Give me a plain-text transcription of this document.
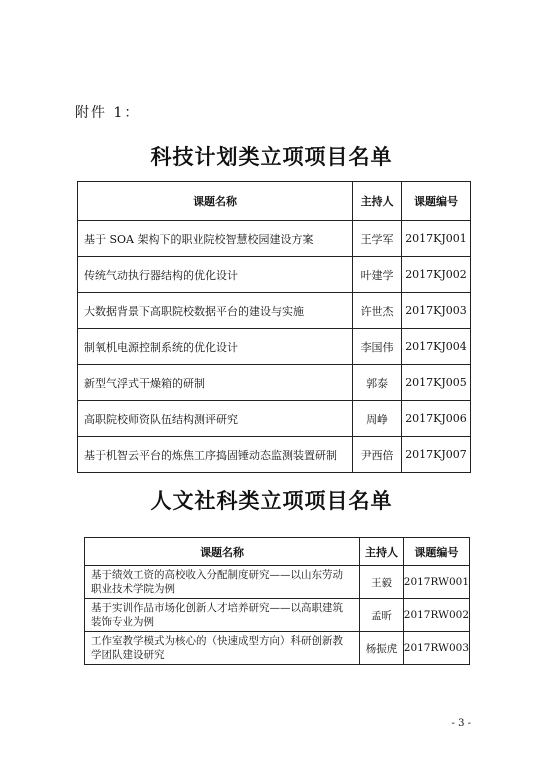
附件 1：
科技计划类立项项目名单
课题名称	主持人	课题编号
基于 SOA 架构下的职业院校智慧校园建设方案	王学军	2017KJ001
传统气动执行器结构的优化设计	叶建学	2017KJ002
大数据背景下高职院校数据平台的建设与实施	许世杰	2017KJ003
制氧机电源控制系统的优化设计	李国伟	2017KJ004
新型气浮式干燥箱的研制	郭泰	2017KJ005
高职院校师资队伍结构测评研究	周峥	2017KJ006
基于机智云平台的炼焦工序捣固锤动态监测装置研制	尹西倍	2017KJ007
人文社科类立项项目名单
课题名称	主持人	课题编号
基于绩效工资的高校收入分配制度研究——以山东劳动职业技术学院为例	王毅	2017RW001
基于实训作品市场化创新人才培养研究——以高职建筑装饰专业为例	孟昕	2017RW002
工作室教学模式为核心的（快速成型方向）科研创新教学团队建设研究	杨振虎	2017RW003
- 3 -
